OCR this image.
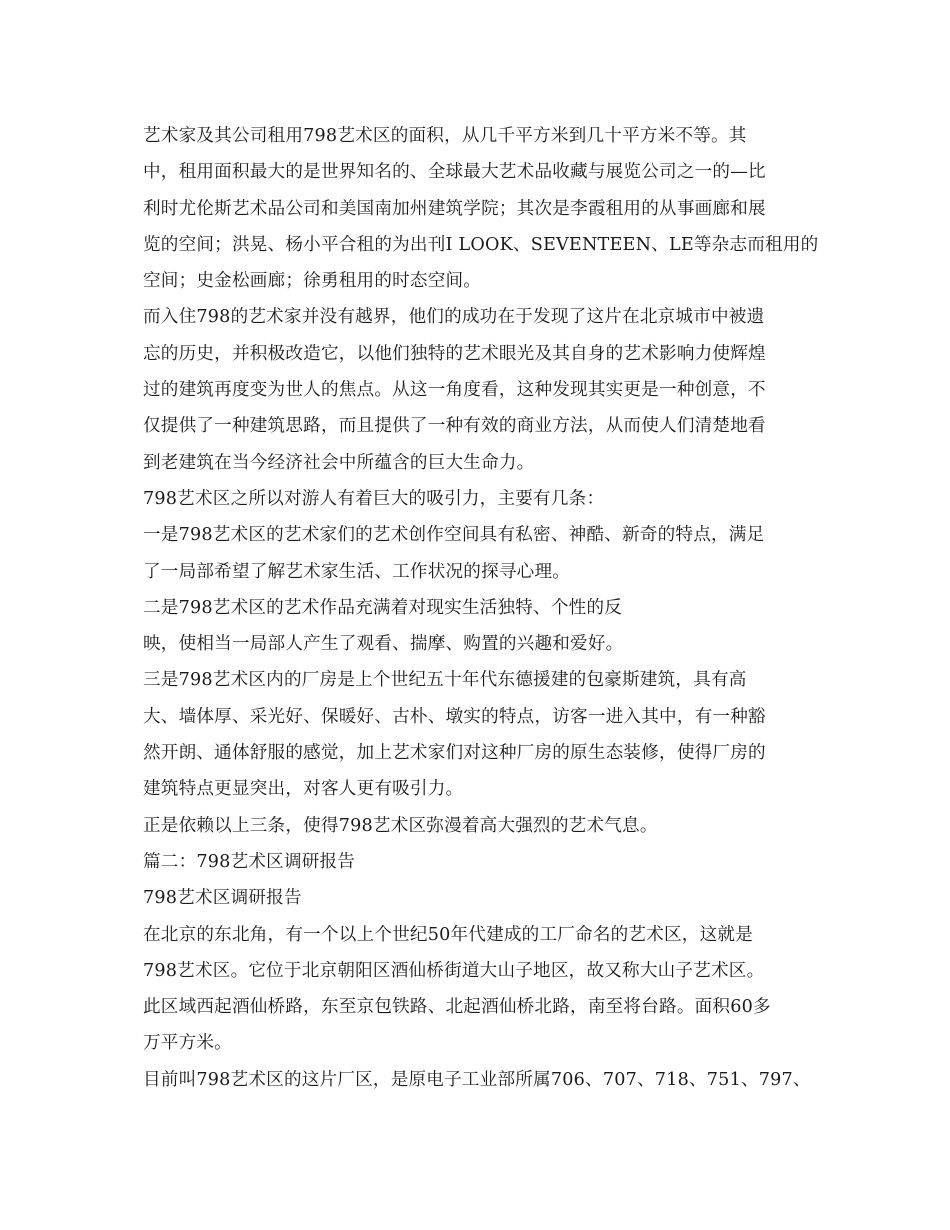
艺术家及其公司租用798艺术区的面积，从几千平方米到几十平方米不等。其
中，租用面积最大的是世界知名的、全球最大艺术品收藏与展览公司之一的—比
利时尤伦斯艺术品公司和美国南加州建筑学院；其次是李霞租用的从事画廊和展
览的空间；洪晃、杨小平合租的为出刊I LOOK、SEVENTEEN、LE等杂志而租用的
空间；史金松画廊；徐勇租用的时态空间。
而入住798的艺术家并没有越界，他们的成功在于发现了这片在北京城市中被遗
忘的历史，并积极改造它，以他们独特的艺术眼光及其自身的艺术影响力使辉煌
过的建筑再度变为世人的焦点。从这一角度看，这种发现其实更是一种创意，不
仅提供了一种建筑思路，而且提供了一种有效的商业方法，从而使人们清楚地看
到老建筑在当今经济社会中所蕴含的巨大生命力。
798艺术区之所以对游人有着巨大的吸引力，主要有几条：
一是798艺术区的艺术家们的艺术创作空间具有私密、神酷、新奇的特点，满足
了一局部希望了解艺术家生活、工作状况的探寻心理。
二是798艺术区的艺术作品充满着对现实生活独特、个性的反
映，使相当一局部人产生了观看、揣摩、购置的兴趣和爱好。
三是798艺术区内的厂房是上个世纪五十年代东德援建的包豪斯建筑，具有高
大、墙体厚、采光好、保暖好、古朴、墩实的特点，访客一进入其中，有一种豁
然开朗、通体舒服的感觉，加上艺术家们对这种厂房的原生态装修，使得厂房的
建筑特点更显突出，对客人更有吸引力。
正是依赖以上三条，使得798艺术区弥漫着高大强烈的艺术气息。
篇二：798艺术区调研报告
798艺术区调研报告
在北京的东北角，有一个以上个世纪50年代建成的工厂命名的艺术区，这就是
798艺术区。它位于北京朝阳区酒仙桥街道大山子地区，故又称大山子艺术区。
此区域西起酒仙桥路，东至京包铁路、北起酒仙桥北路，南至将台路。面积60多
万平方米。
目前叫798艺术区的这片厂区，是原电子工业部所属706、707、718、751、797、
